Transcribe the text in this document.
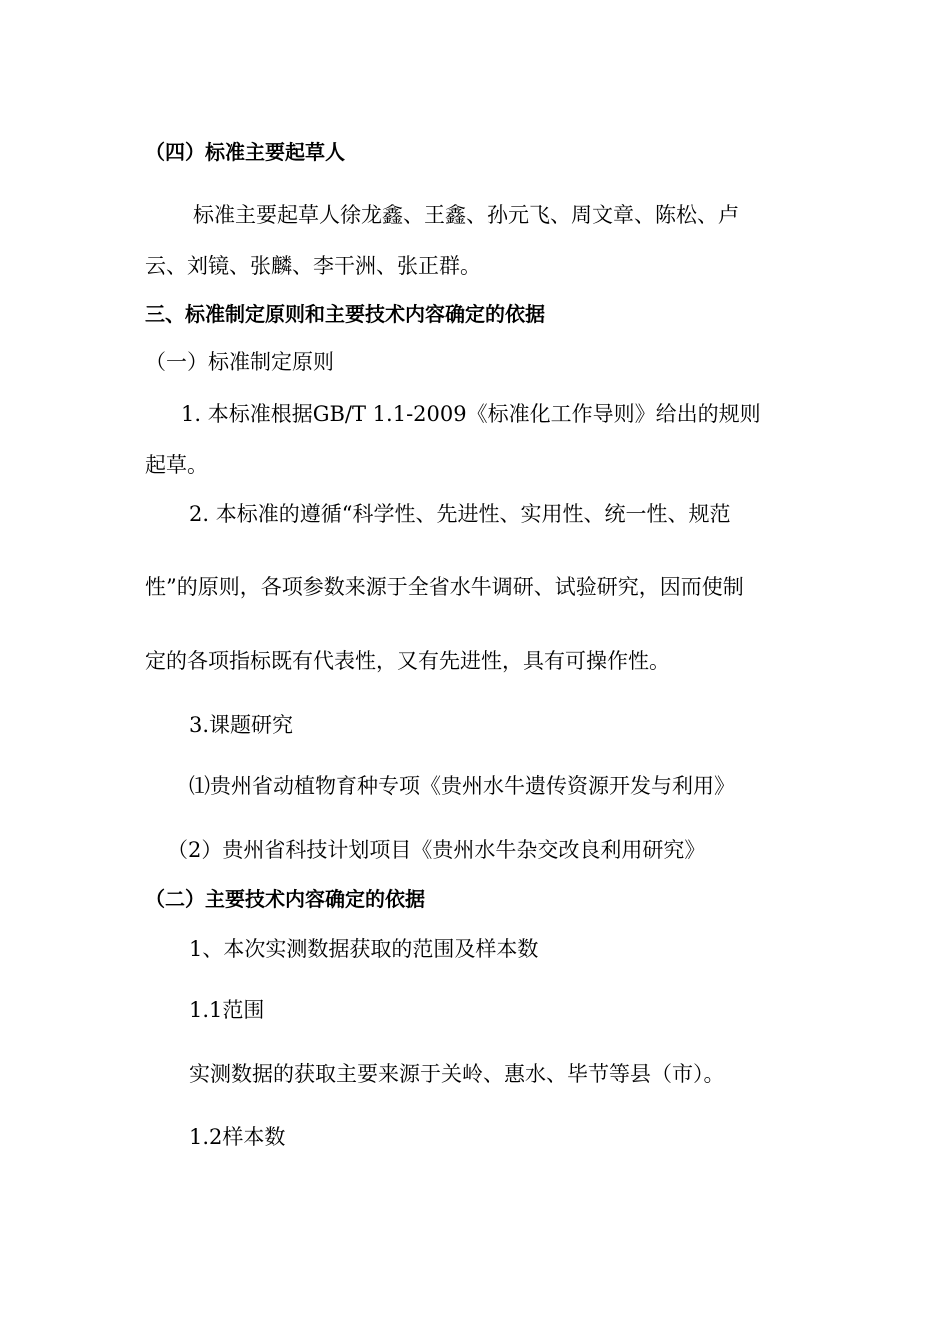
（四）标准主要起草人
标准主要起草人徐龙鑫、王鑫、孙元飞、周文章、陈松、卢
云、刘镜、张麟、李干洲、张正群。
三、标准制定原则和主要技术内容确定的依据
（一）标准制定原则
1. 本标准根据GB/T 1.1-2009《标准化工作导则》给出的规则
起草。
2. 本标准的遵循“科学性、先进性、实用性、统一性、规范
性”的原则，各项参数来源于全省水牛调研、试验研究，因而使制
定的各项指标既有代表性，又有先进性，具有可操作性。
3.课题研究
⑴贵州省动植物育种专项《贵州水牛遗传资源开发与利用》
（2）贵州省科技计划项目《贵州水牛杂交改良利用研究》
（二）主要技术内容确定的依据
1、本次实测数据获取的范围及样本数
1.1范围
实测数据的获取主要来源于关岭、惠水、毕节等县（市）。
1.2样本数
